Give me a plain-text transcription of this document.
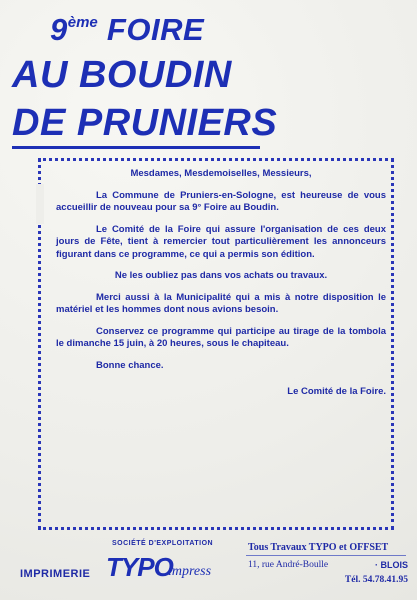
9ème FOIRE
AU BOUDIN
DE PRUNIERS

Mesdames, Mesdemoiselles, Messieurs,

La Commune de Pruniers-en-Sologne, est heureuse de vous accueillir de nouveau pour sa 9° Foire au Boudin.

Le Comité de la Foire qui assure l'organisation de ces deux jours de Fête, tient à remercier tout particulièrement les annonceurs figurant dans ce programme, ce qui a permis son édition.

Ne les oubliez pas dans vos achats ou travaux.

Merci aussi à la Municipalité qui a mis à notre disposition le matériel et les hommes dont nous avions besoin.

Conservez ce programme qui participe au tirage de la tombola le dimanche 15 juin, à 20 heures, sous le chapiteau.

Bonne chance.

Le Comité de la Foire.

SOCIÉTÉ D'EXPLOITATION
IMPRIMERIE TYPO
impress
Tous Travaux TYPO et OFFSET
11, rue André-Boulle	· BLOIS
Tél. 54.78.41.95
